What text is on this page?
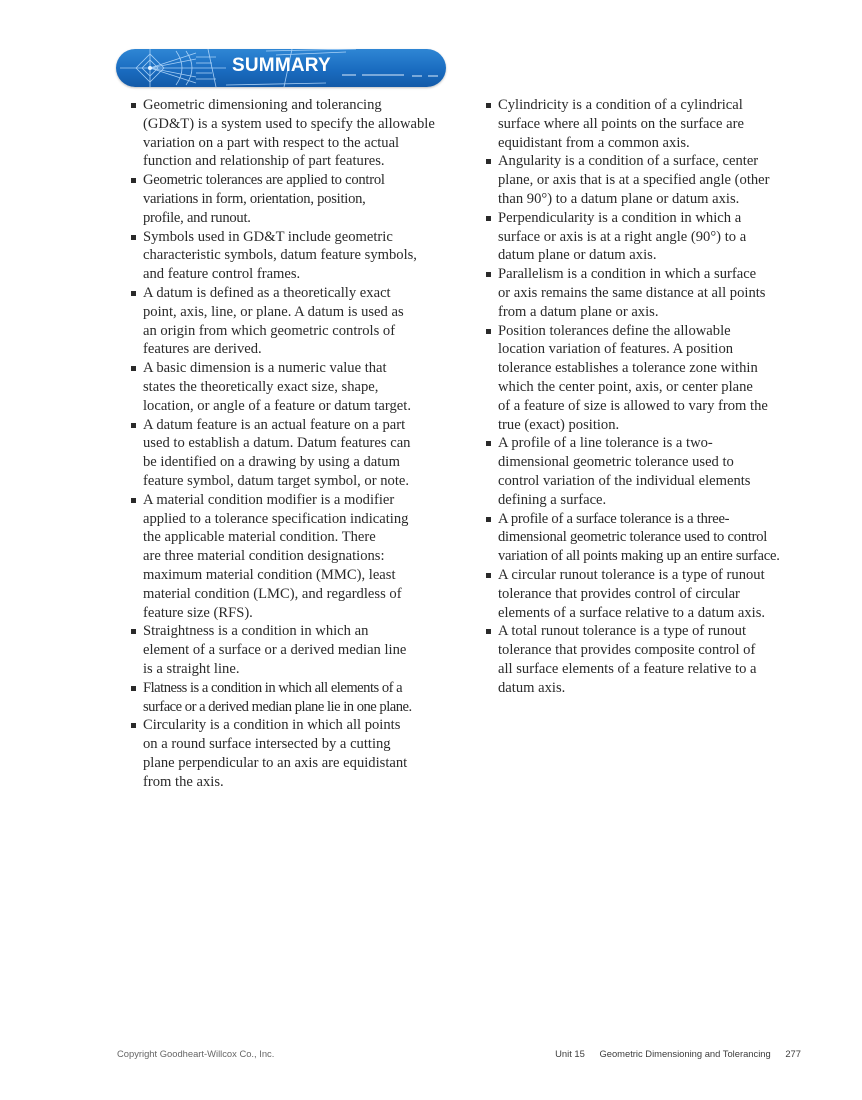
SUMMARY
Geometric dimensioning and tolerancing
(GD&T) is a system used to specify the allowable
variation on a part with respect to the actual
function and relationship of part features.
Geometric tolerances are applied to control
variations in form, orientation, position,
profile, and runout.
Symbols used in GD&T include geometric
characteristic symbols, datum feature symbols,
and feature control frames.
A datum is defined as a theoretically exact
point, axis, line, or plane. A datum is used as
an origin from which geometric controls of
features are derived.
A basic dimension is a numeric value that
states the theoretically exact size, shape,
location, or angle of a feature or datum target.
A datum feature is an actual feature on a part
used to establish a datum. Datum features can
be identified on a drawing by using a datum
feature symbol, datum target symbol, or note.
A material condition modifier is a modifier
applied to a tolerance specification indicating
the applicable material condition. There
are three material condition designations:
maximum material condition (MMC), least
material condition (LMC), and regardless of
feature size (RFS).
Straightness is a condition in which an
element of a surface or a derived median line
is a straight line.
Flatness is a condition in which all elements of a
surface or a derived median plane lie in one plane.
Circularity is a condition in which all points
on a round surface intersected by a cutting
plane perpendicular to an axis are equidistant
from the axis.
Cylindricity is a condition of a cylindrical
surface where all points on the surface are
equidistant from a common axis.
Angularity is a condition of a surface, center
plane, or axis that is at a specified angle (other
than 90°) to a datum plane or datum axis.
Perpendicularity is a condition in which a
surface or axis is at a right angle (90°) to a
datum plane or datum axis.
Parallelism is a condition in which a surface
or axis remains the same distance at all points
from a datum plane or axis.
Position tolerances define the allowable
location variation of features. A position
tolerance establishes a tolerance zone within
which the center point, axis, or center plane
of a feature of size is allowed to vary from the
true (exact) position.
A profile of a line tolerance is a two-
dimensional geometric tolerance used to
control variation of the individual elements
defining a surface.
A profile of a surface tolerance is a three-
dimensional geometric tolerance used to control
variation of all points making up an entire surface.
A circular runout tolerance is a type of runout
tolerance that provides control of circular
elements of a surface relative to a datum axis.
A total runout tolerance is a type of runout
tolerance that provides composite control of
all surface elements of a feature relative to a
datum axis.
Copyright Goodheart-Willcox Co., Inc.	Unit 15 Geometric Dimensioning and Tolerancing 277
